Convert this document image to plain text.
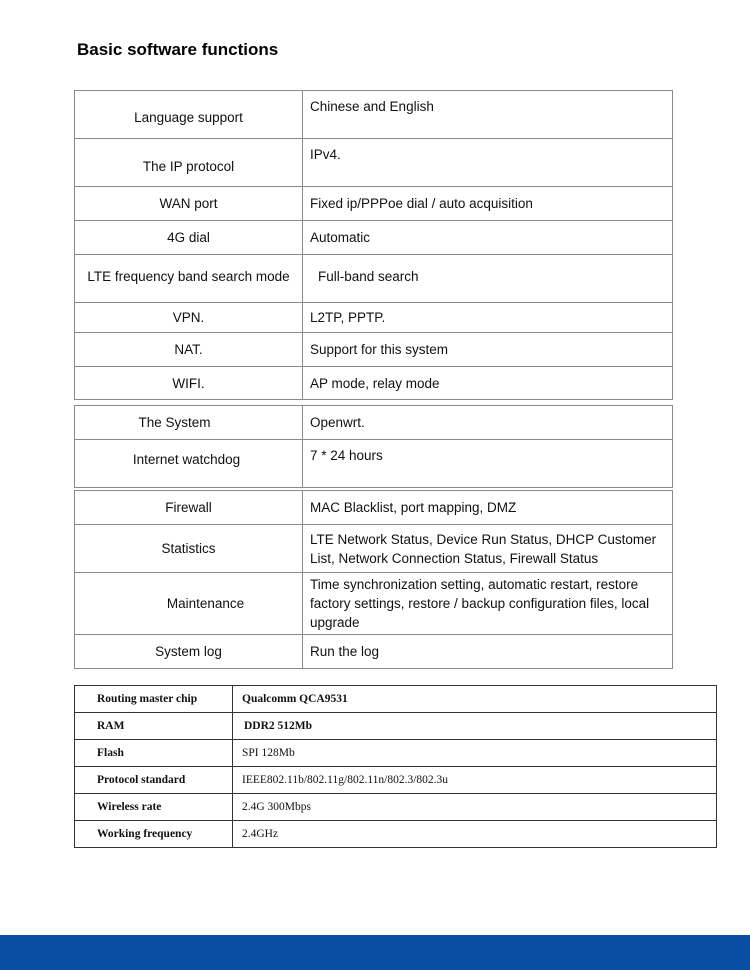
Basic software functions
Language support	Chinese and English
The IP protocol	IPv4.
WAN port	Fixed ip/PPPoe dial / auto acquisition
4G dial	Automatic
LTE frequency band search mode	Full-band search
VPN.	L2TP, PPTP.
NAT.	Support for this system
WIFI.	AP mode, relay mode
The System	Openwrt.
Internet watchdog	7 * 24 hours
Firewall	MAC Blacklist, port mapping, DMZ
Statistics	LTE Network Status, Device Run Status, DHCP Customer List, Network Connection Status, Firewall Status
Maintenance	Time synchronization setting, automatic restart, restore factory settings, restore / backup configuration files, local upgrade
System log	Run the log
Routing master chip	Qualcomm QCA9531
RAM	DDR2 512Mb
Flash	SPI 128Mb
Protocol standard	IEEE802.11b/802.11g/802.11n/802.3/802.3u
Wireless rate	2.4G 300Mbps
Working frequency	2.4GHz
